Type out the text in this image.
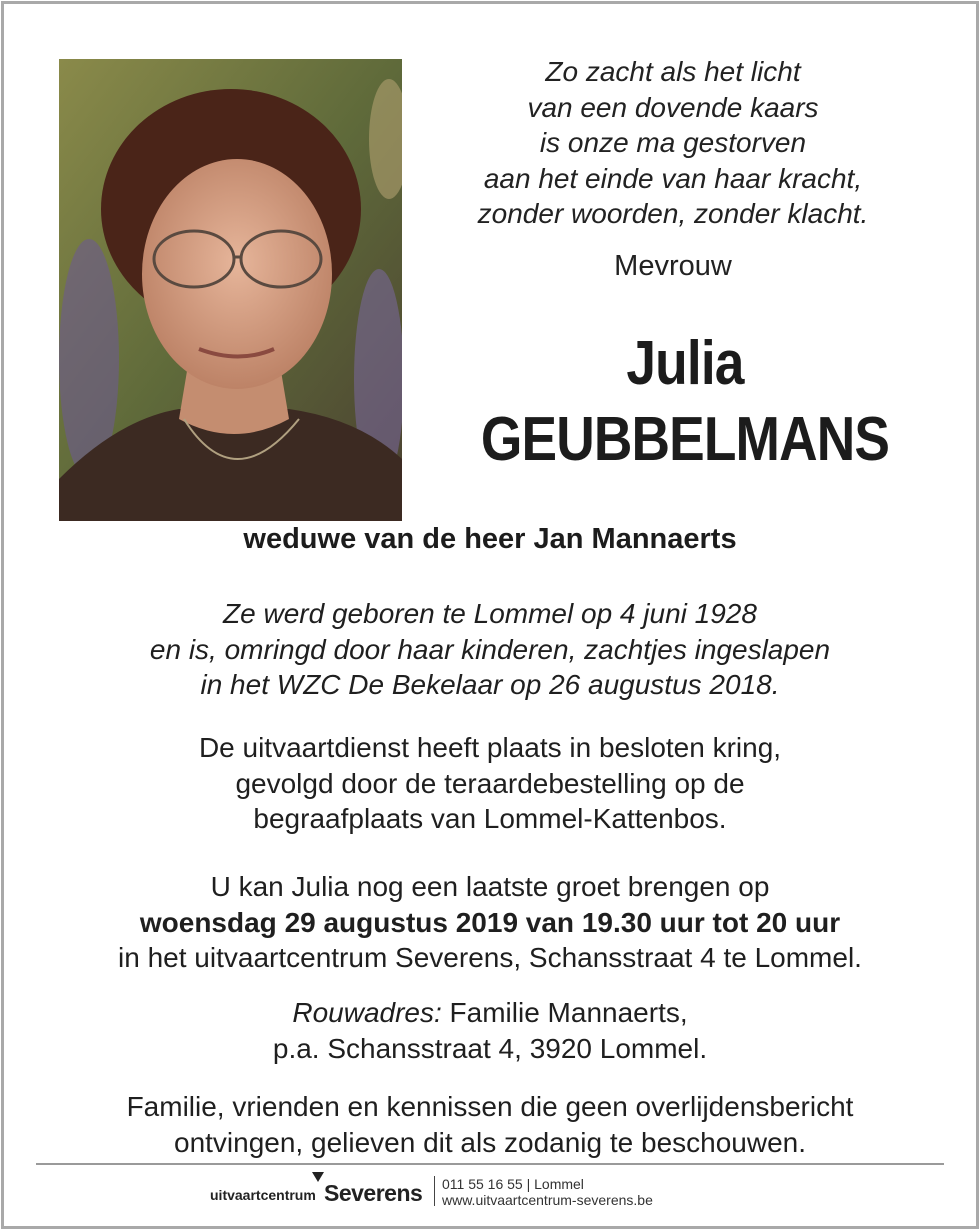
Zo zacht als het licht
van een dovende kaars
is onze ma gestorven
aan het einde van haar kracht,
zonder woorden, zonder klacht.
Mevrouw
Julia
GEUBBELMANS
weduwe van de heer Jan Mannaerts
Ze werd geboren te Lommel op 4 juni 1928
en is, omringd door haar kinderen, zachtjes ingeslapen
in het WZC De Bekelaar op 26 augustus 2018.
De uitvaartdienst heeft plaats in besloten kring,
gevolgd door de teraardebestelling op de
begraafplaats van Lommel-Kattenbos.
U kan Julia nog een laatste groet brengen op
woensdag 29 augustus 2019 van 19.30 uur tot 20 uur
in het uitvaartcentrum Severens, Schansstraat 4 te Lommel.
Rouwadres: Familie Mannaerts,
p.a. Schansstraat 4, 3920 Lommel.
Familie, vrienden en kennissen die geen overlijdensbericht
ontvingen, gelieven dit als zodanig te beschouwen.
uitvaartcentrum Severens 011 55 16 55 | Lommel
www.uitvaartcentrum-severens.be
